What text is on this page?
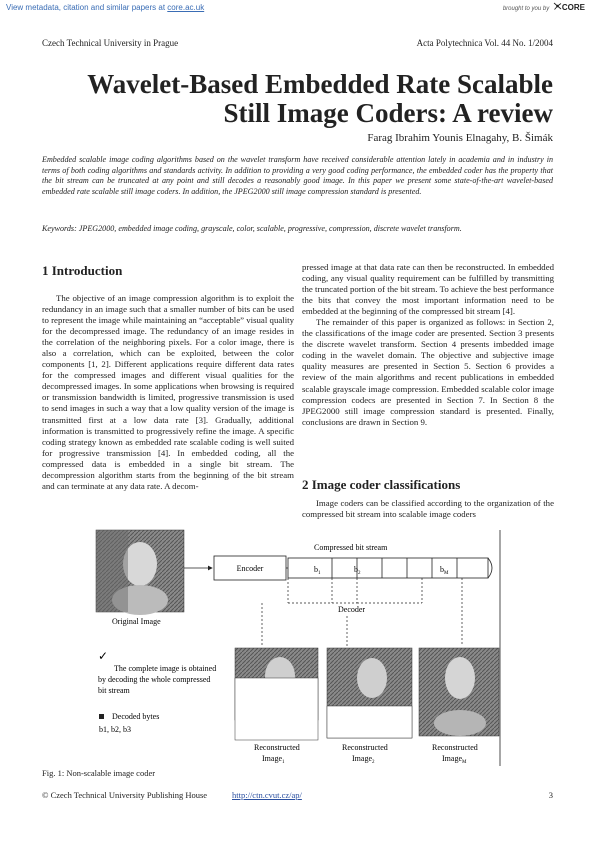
View metadata, citation and similar papers at core.ac.uk	brought to you by CORE
Czech Technical University in Prague	Acta Polytechnica Vol. 44 No. 1/2004
Wavelet-Based Embedded Rate Scalable
Still Image Coders: A review
Farag Ibrahim Younis Elnagahy, B. Šimák
Embedded scalable image coding algorithms based on the wavelet transform have received considerable attention lately in academia and in industry in terms of both coding algorithms and standards activity. In addition to providing a very good coding performance, the embedded coder has the property that the bit stream can be truncated at any point and still decodes a reasonably good image. In this paper we present some state-of-the-art wavelet-based embedded rate scalable still image coders. In addition, the JPEG2000 still image compression standard is presented.
Keywords: JPEG2000, embedded image coding, grayscale, color, scalable, progressive, compression, discrete wavelet transform.
1 Introduction

The objective of an image compression algorithm is to exploit the redundancy in an image such that a smaller number of bits can be used to represent the image while maintaining an “acceptable” visual quality for the decompressed image. The redundancy of an image resides in the correlation of the neighboring pixels. For a color image, there is also a correlation, which can be exploited, between the color components [1, 2]. Different applications require different data rates for the compressed images and different visual qualities for the decompressed images. In some applications when browsing is required or transmission bandwidth is limited, progressive transmission is used to send images in such a way that a low quality version of the image is transmitted first at a low data rate [3]. Gradually, additional information is transmitted to progressively refine the image. A specific coding strategy known as embedded rate scalable coding is well suited for progressive transmission [4]. In embedded coding, all the compressed data is embedded in a single bit stream. The decompression algorithm starts from the beginning of the bit stream and can terminate at any data rate. A decom-

pressed image at that data rate can then be reconstructed. In embedded coding, any visual quality requirement can be fulfilled by transmitting the truncated portion of the bit stream. To achieve the best performance the bits that convey the most important information need to be embedded at the beginning of the compressed bit stream [4].

The remainder of this paper is organized as follows: in Section 2, the classifications of the image coder are presented. Section 3 presents the discrete wavelet transform. Section 4 presents imbedded image coding in the wavelet domain. The objective and subjective image quality measures are presented in Section 5. Section 6 provides a review of the main algorithms and recent publications in embedded scalable grayscale image compression. Embedded scalable color image compression codecs are presented in Section 7. In Section 8 the JPEG2000 still image compression standard is presented. Finally, conclusions are drawn in Section 9.

2 Image coder classifications

Image coders can be classified according to the organization of the compressed bit stream into scalable image coders

Original Image
Encoder
Compressed bit stream
$b_1$	$b_2$	$b_M$
Decoder
✓
The complete image is obtained
by decoding the whole compressed
bit stream
Decoded bytes
b1, b2, b3
Reconstructed
Image$_1$
Reconstructed
Image$_2$
Reconstructed
Image$_M$
Fig. 1: Non-scalable image coder
© Czech Technical University Publishing House	http://ctn.cvut.cz/ap/	3
